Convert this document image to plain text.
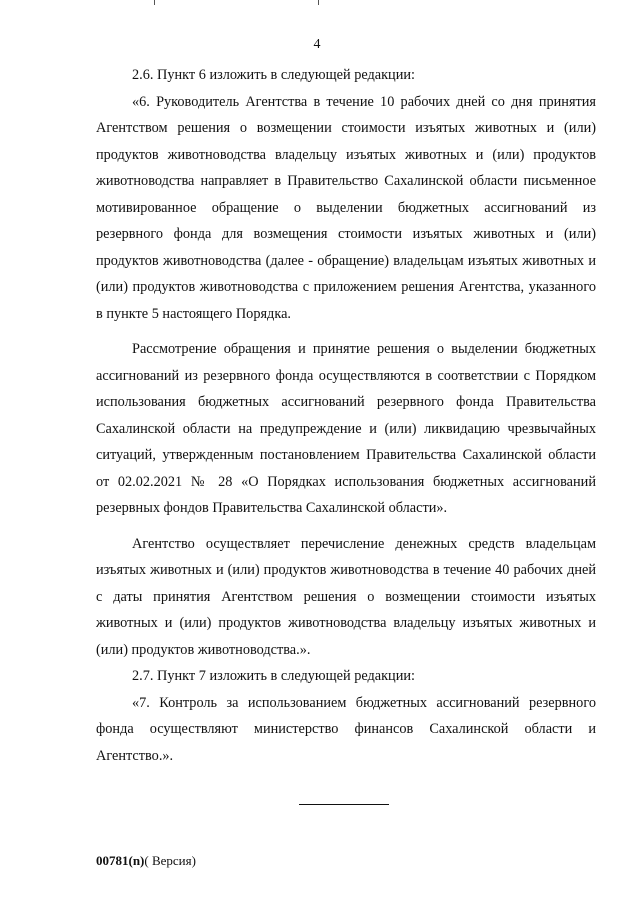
4

2.6. Пункт 6 изложить в следующей редакции:

«6. Руководитель Агентства в течение 10 рабочих дней со дня принятия Агентством решения о возмещении стоимости изъятых животных и (или) продуктов животноводства владельцу изъятых животных и (или) продуктов животноводства направляет в Правительство Сахалинской области письменное мотивированное обращение о выделении бюджетных ассигнований из резервного фонда для возмещения стоимости изъятых животных и (или) продуктов животноводства (далее - обращение) владельцам изъятых животных и (или) продуктов животноводства с приложением решения Агентства, указанного в пункте 5 настоящего Порядка.

Рассмотрение обращения и принятие решения о выделении бюджетных ассигнований из резервного фонда осуществляются в соответствии с Порядком использования бюджетных ассигнований резервного фонда Правительства Сахалинской области на предупреждение и (или) ликвидацию чрезвычайных ситуаций, утвержденным постановлением Правительства Сахалинской области от 02.02.2021 № 28 «О Порядках использования бюджетных ассигнований резервных фондов Правительства Сахалинской области».

Агентство осуществляет перечисление денежных средств владельцам изъятых животных и (или) продуктов животноводства в течение 40 рабочих дней с даты принятия Агентством решения о возмещении стоимости изъятых животных и (или) продуктов животноводства владельцу изъятых животных и (или) продуктов животноводства.».

2.7. Пункт 7 изложить в следующей редакции:

«7. Контроль за использованием бюджетных ассигнований резервного фонда осуществляют министерство финансов Сахалинской области и Агентство.».

00781(n)( Версия)
